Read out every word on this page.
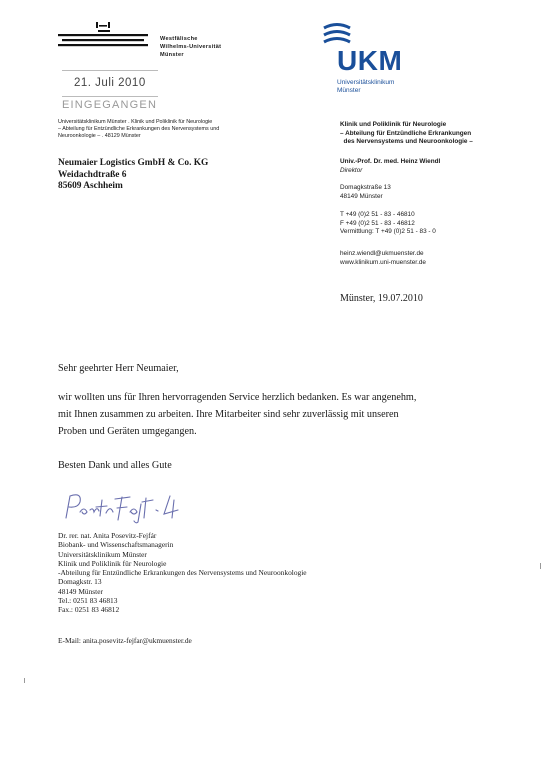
Westfälische
Wilhelms-Universität
Münster
21. Juli 2010
EINGEGANGEN
UKM
Universitätsklinikum
Münster
Universitätsklinikum Münster . Klinik und Poliklinik für Neurologie
– Abteilung für Entzündliche Erkrankungen des Nervensystems und
Neuroonkologie – . 48129 Münster
Neumaier Logistics GmbH & Co. KG
Weidachdtraße 6
85609 Aschheim
Klinik und Poliklinik für Neurologie
– Abteilung für Entzündliche Erkrankungen
des Nervensystems und Neuroonkologie –
Univ.-Prof. Dr. med. Heinz Wiendl
Direktor
Domagkstraße 13
48149 Münster
T +49 (0)2 51 - 83 - 46810
F +49 (0)2 51 - 83 - 46812
Vermittlung: T +49 (0)2 51 - 83 - 0
heinz.wiendl@ukmuenster.de
www.klinikum.uni-muenster.de
Münster, 19.07.2010
Sehr geehrter Herr Neumaier,
wir wollten uns für Ihren hervorragenden Service herzlich bedanken. Es war angenehm,
mit Ihnen zusammen zu arbeiten. Ihre Mitarbeiter sind sehr zuverlässig mit unseren
Proben und Geräten umgegangen.
Besten Dank und alles Gute
Dr. rer. nat. Anita Posevitz-Fejfár
Biobank- und Wissenschaftsmanagerin
Universitätsklinikum Münster
Klinik und Poliklinik für Neurologie
-Abteilung für Entzündliche Erkrankungen des Nervensystems und Neuroonkologie
Domagkstr. 13
48149 Münster
Tel.: 0251 83 46813
Fax.: 0251 83 46812
E-Mail: anita.posevitz-fejfar@ukmuenster.de
